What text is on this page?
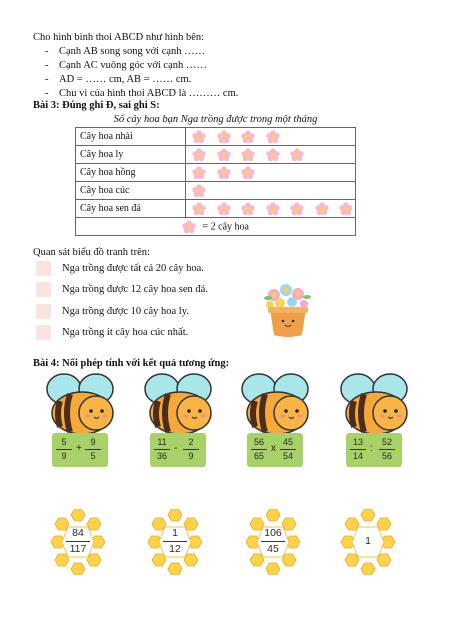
Cho hình bình thoi ABCD như hình bên:
- Cạnh AB song song với cạnh ……
- Cạnh AC vuông góc với cạnh ……
- AD = …… cm, AB = …… cm.
- Chu vi của hình thoi ABCD là ……… cm.
Bài 3: Đúng ghi Đ, sai ghi S:
Số cây hoa bạn Nga trồng được trong một tháng
Cây hoa nhài	

Cây hoa ly	

Cây hoa hồng	

Cây hoa cúc	

Cây hoa sen đá	

= 2 cây hoa	
Quan sát biểu đồ tranh trên:
Nga trồng được tất cả 20 cây hoa.
Nga trồng được 12 cây hoa sen đá.
Nga trồng được 10 cây hoa ly.
Nga trồng ít cây hoa cúc nhất.
Bài 4: Nối phép tính với kết quả tương ứng:
5
9
+
9
5
11
36
-
2
9
56
65
x
45
54
13
14
:
52
56
84
117
1
12
106
45
1
